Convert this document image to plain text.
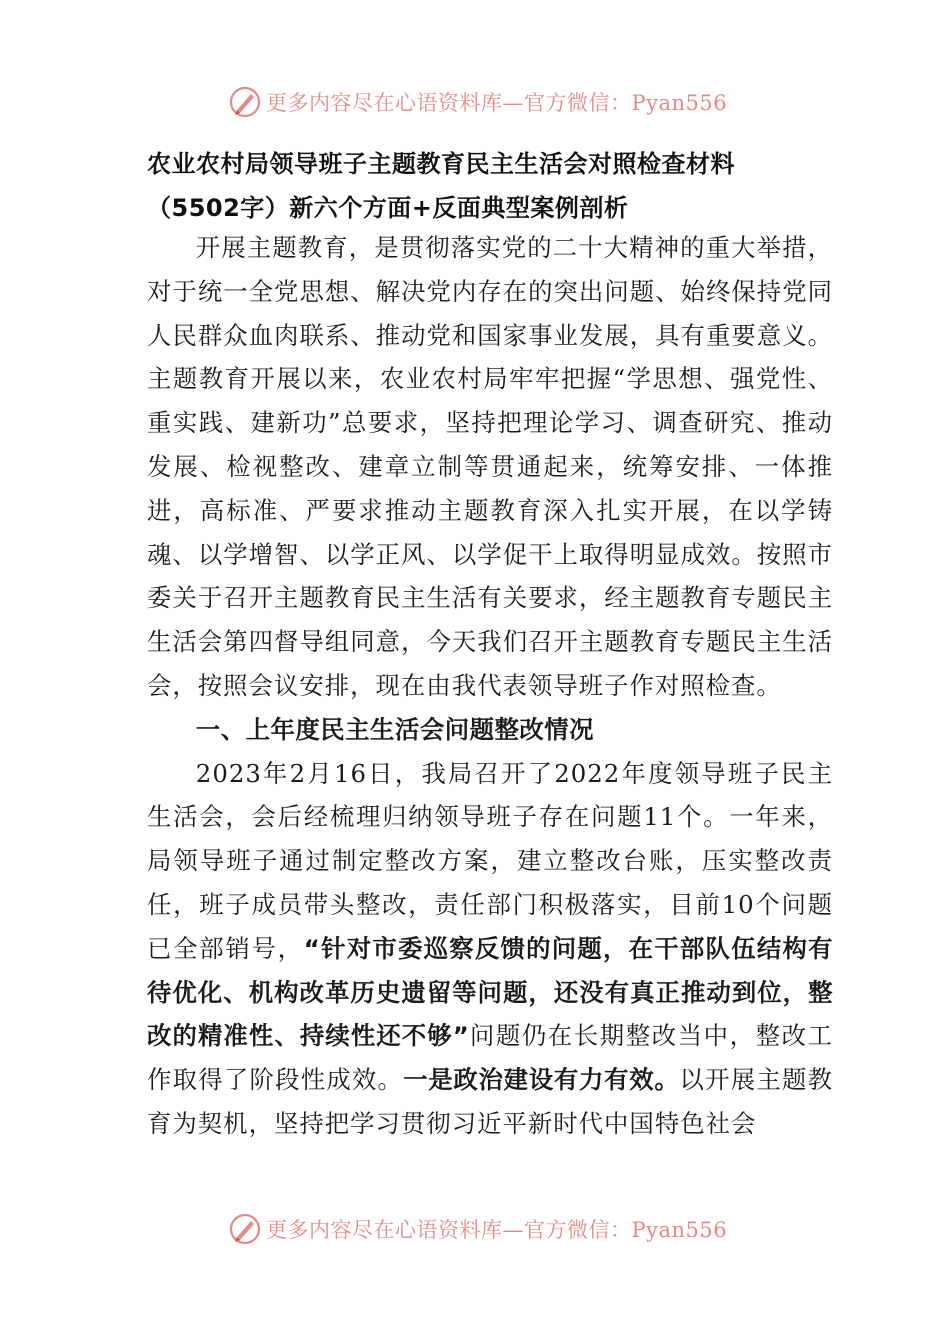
更多内容尽在心语资料库—官方微信：Pyan556
农业农村局领导班子主题教育民主生活会对照检查材料
（5502字）新六个方面+反面典型案例剖析

开展主题教育，是贯彻落实党的二十大精神的重大举措，对于统一全党思想、解决党内存在的突出问题、始终保持党同人民群众血肉联系、推动党和国家事业发展，具有重要意义。主题教育开展以来，农业农村局牢牢把握“学思想、强党性、重实践、建新功”总要求，坚持把理论学习、调查研究、推动发展、检视整改、建章立制等贯通起来，统筹安排、一体推进，高标准、严要求推动主题教育深入扎实开展，在以学铸魂、以学增智、以学正风、以学促干上取得明显成效。按照市委关于召开主题教育民主生活有关要求，经主题教育专题民主生活会第四督导组同意，今天我们召开主题教育专题民主生活会，按照会议安排，现在由我代表领导班子作对照检查。

一、上年度民主生活会问题整改情况

2023年2月16日，我局召开了2022年度领导班子民主生活会，会后经梳理归纳领导班子存在问题11个。一年来，局领导班子通过制定整改方案，建立整改台账，压实整改责任，班子成员带头整改，责任部门积极落实，目前10个问题已全部销号，“针对市委巡察反馈的问题，在干部队伍结构有待优化、机构改革历史遗留等问题，还没有真正推动到位，整改的精准性、持续性还不够”问题仍在长期整改当中，整改工作取得了阶段性成效。一是政治建设有力有效。以开展主题教育为契机，坚持把学习贯彻习近平新时代中国特色社会

更多内容尽在心语资料库—官方微信：Pyan556
